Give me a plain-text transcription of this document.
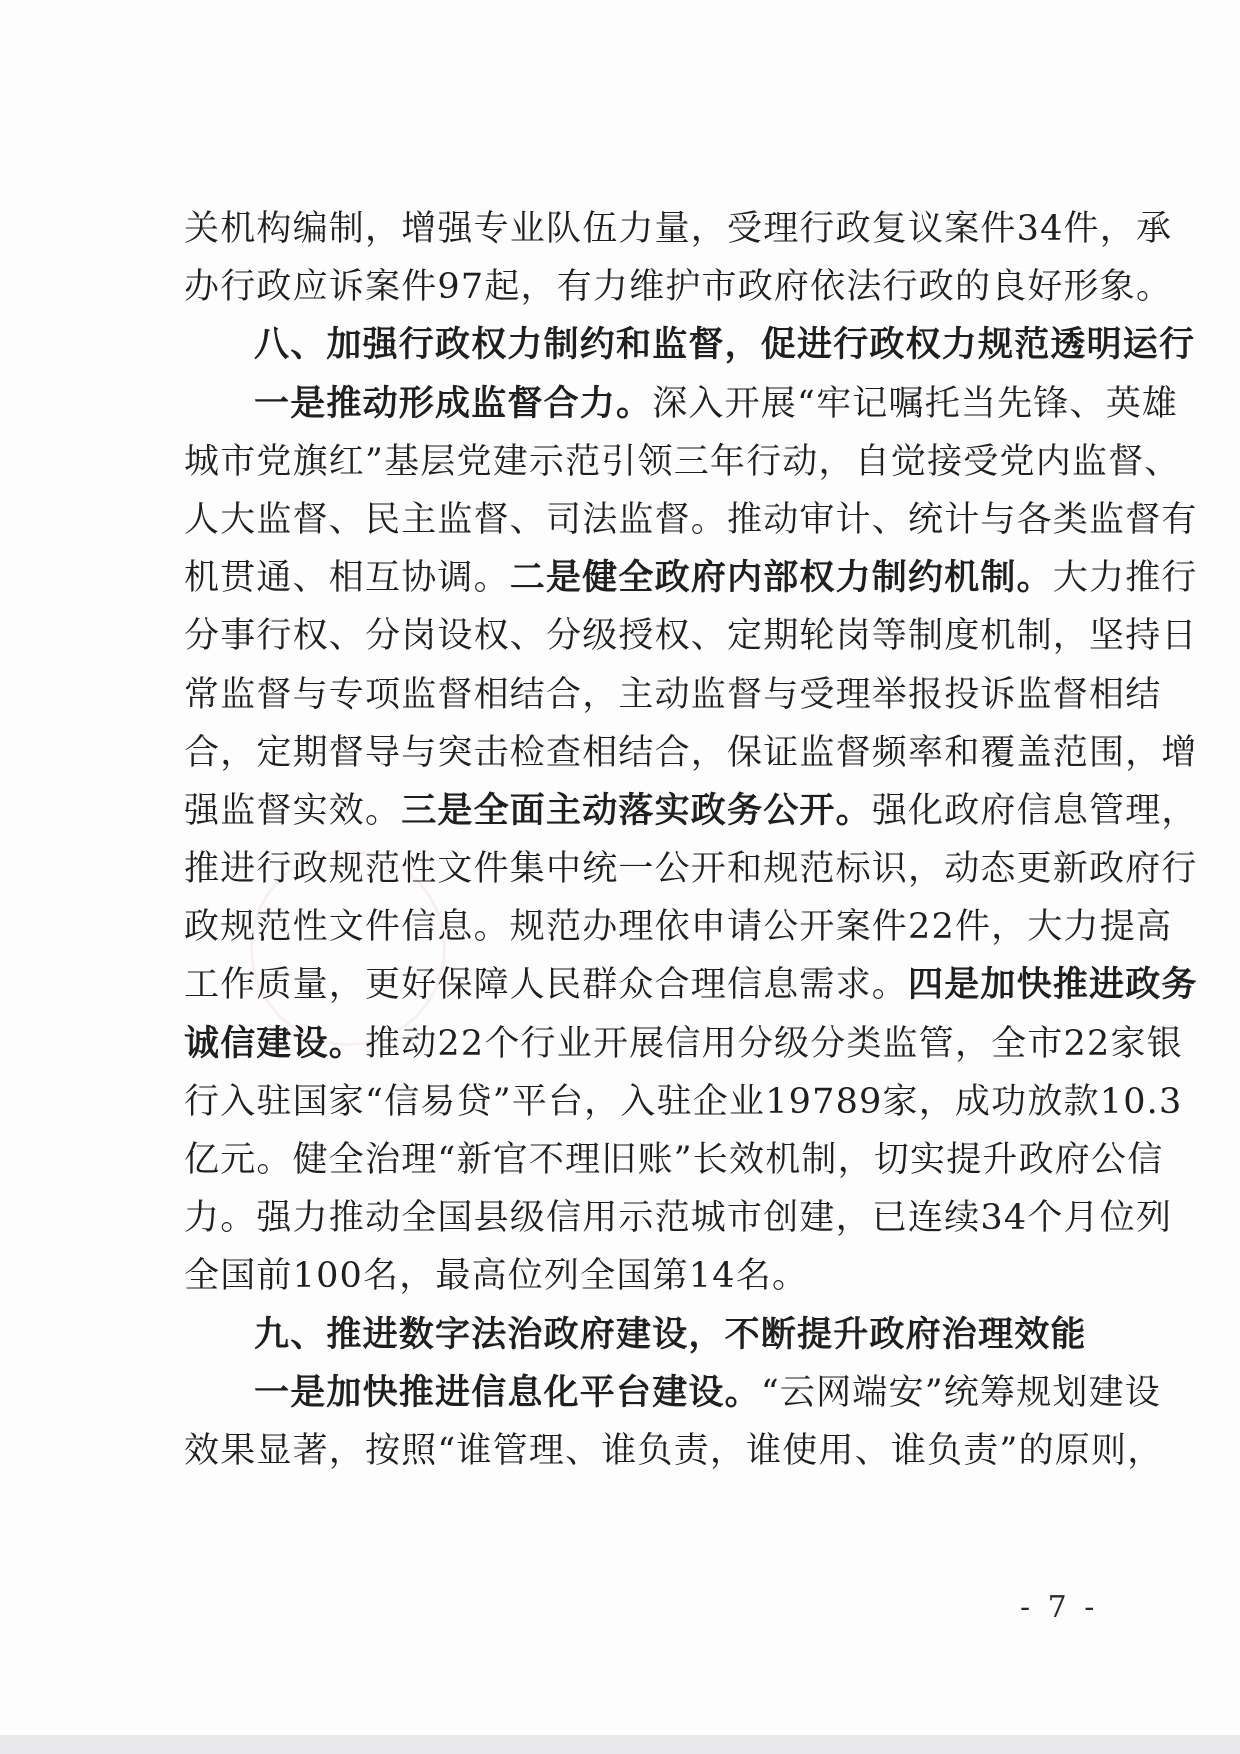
关机构编制，增强专业队伍力量，受理行政复议案件34件，承
办行政应诉案件97起，有力维护市政府依法行政的良好形象。
八、加强行政权力制约和监督，促进行政权力规范透明运行
一是推动形成监督合力。深入开展“牢记嘱托当先锋、英雄
城市党旗红”基层党建示范引领三年行动，自觉接受党内监督、
人大监督、民主监督、司法监督。推动审计、统计与各类监督有
机贯通、相互协调。二是健全政府内部权力制约机制。大力推行
分事行权、分岗设权、分级授权、定期轮岗等制度机制，坚持日
常监督与专项监督相结合，主动监督与受理举报投诉监督相结
合，定期督导与突击检查相结合，保证监督频率和覆盖范围，增
强监督实效。三是全面主动落实政务公开。强化政府信息管理，
推进行政规范性文件集中统一公开和规范标识，动态更新政府行
政规范性文件信息。规范办理依申请公开案件22件，大力提高
工作质量，更好保障人民群众合理信息需求。四是加快推进政务
诚信建设。推动22个行业开展信用分级分类监管，全市22家银
行入驻国家“信易贷”平台，入驻企业19789家，成功放款10.3
亿元。健全治理“新官不理旧账”长效机制，切实提升政府公信
力。强力推动全国县级信用示范城市创建，已连续34个月位列
全国前100名，最高位列全国第14名。
九、推进数字法治政府建设，不断提升政府治理效能
一是加快推进信息化平台建设。“云网端安”统筹规划建设
效果显著，按照“谁管理、谁负责，谁使用、谁负责”的原则，
- 7 -
